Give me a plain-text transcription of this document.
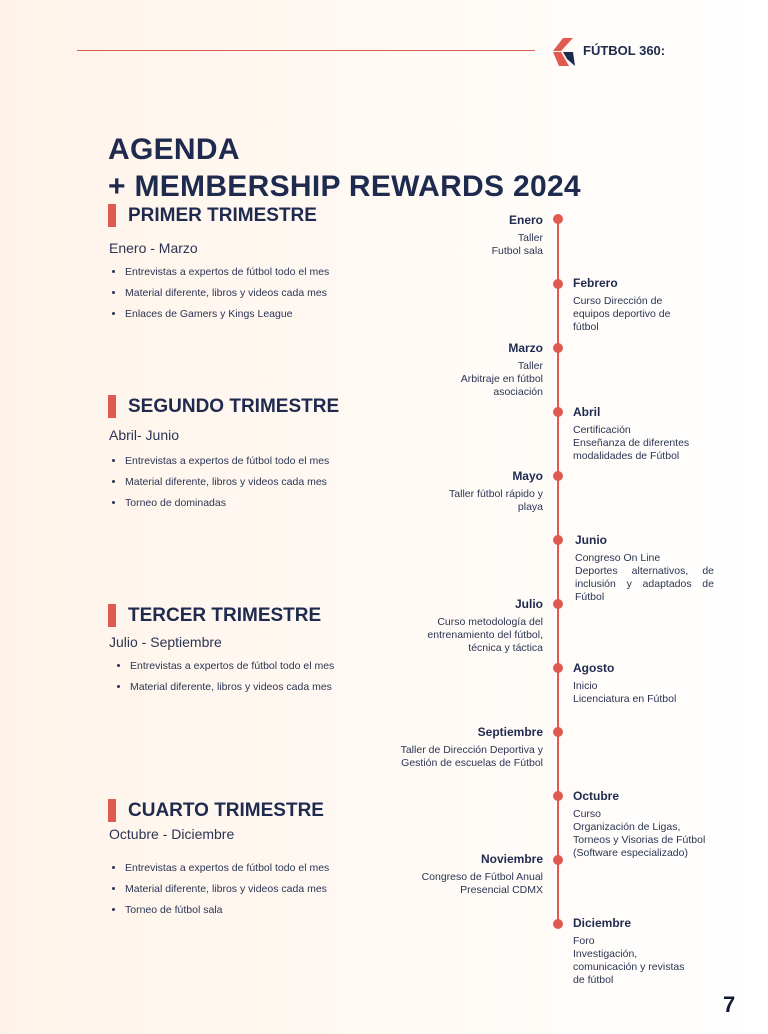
FÚTBOL 360:
AGENDA
+ MEMBERSHIP REWARDS 2024
PRIMER TRIMESTRE
Enero - Marzo
• Entrevistas a expertos de fútbol todo el mes
• Material diferente, libros y videos cada mes
• Enlaces de Gamers y Kings League
SEGUNDO TRIMESTRE
Abril- Junio
• Entrevistas a expertos de fútbol todo el mes
• Material diferente, libros y videos cada mes
• Torneo de dominadas
TERCER TRIMESTRE
Julio - Septiembre
• Entrevistas a expertos de fútbol todo el mes
• Material diferente, libros y videos cada mes
CUARTO TRIMESTRE
Octubre - Diciembre
• Entrevistas a expertos de fútbol todo el mes
• Material diferente, libros y videos cada mes
• Torneo de fútbol sala
Enero
Taller
Futbol sala
Febrero
Curso Dirección de
equipos deportivo de
fútbol
Marzo
Taller
Arbitraje en fútbol
asociación
Abril
Certificación
Enseñanza de diferentes
modalidades de Fútbol
Mayo
Taller fútbol rápido y
playa
Junio
Congreso On Line
Deportes alternativos, de
inclusión y adaptados de
Fútbol
Julio
Curso metodología del
entrenamiento del fútbol,
técnica y táctica
Agosto
Inicio
Licenciatura en Fútbol
Septiembre
Taller de Dirección Deportiva y
Gestión de escuelas de Fútbol
Octubre
Curso
Organización de Ligas,
Torneos y Visorias de Fútbol
(Software especializado)
Noviembre
Congreso de Fútbol Anual
Presencial CDMX
Diciembre
Foro
Investigación,
comunicación y revistas
de fútbol
7
